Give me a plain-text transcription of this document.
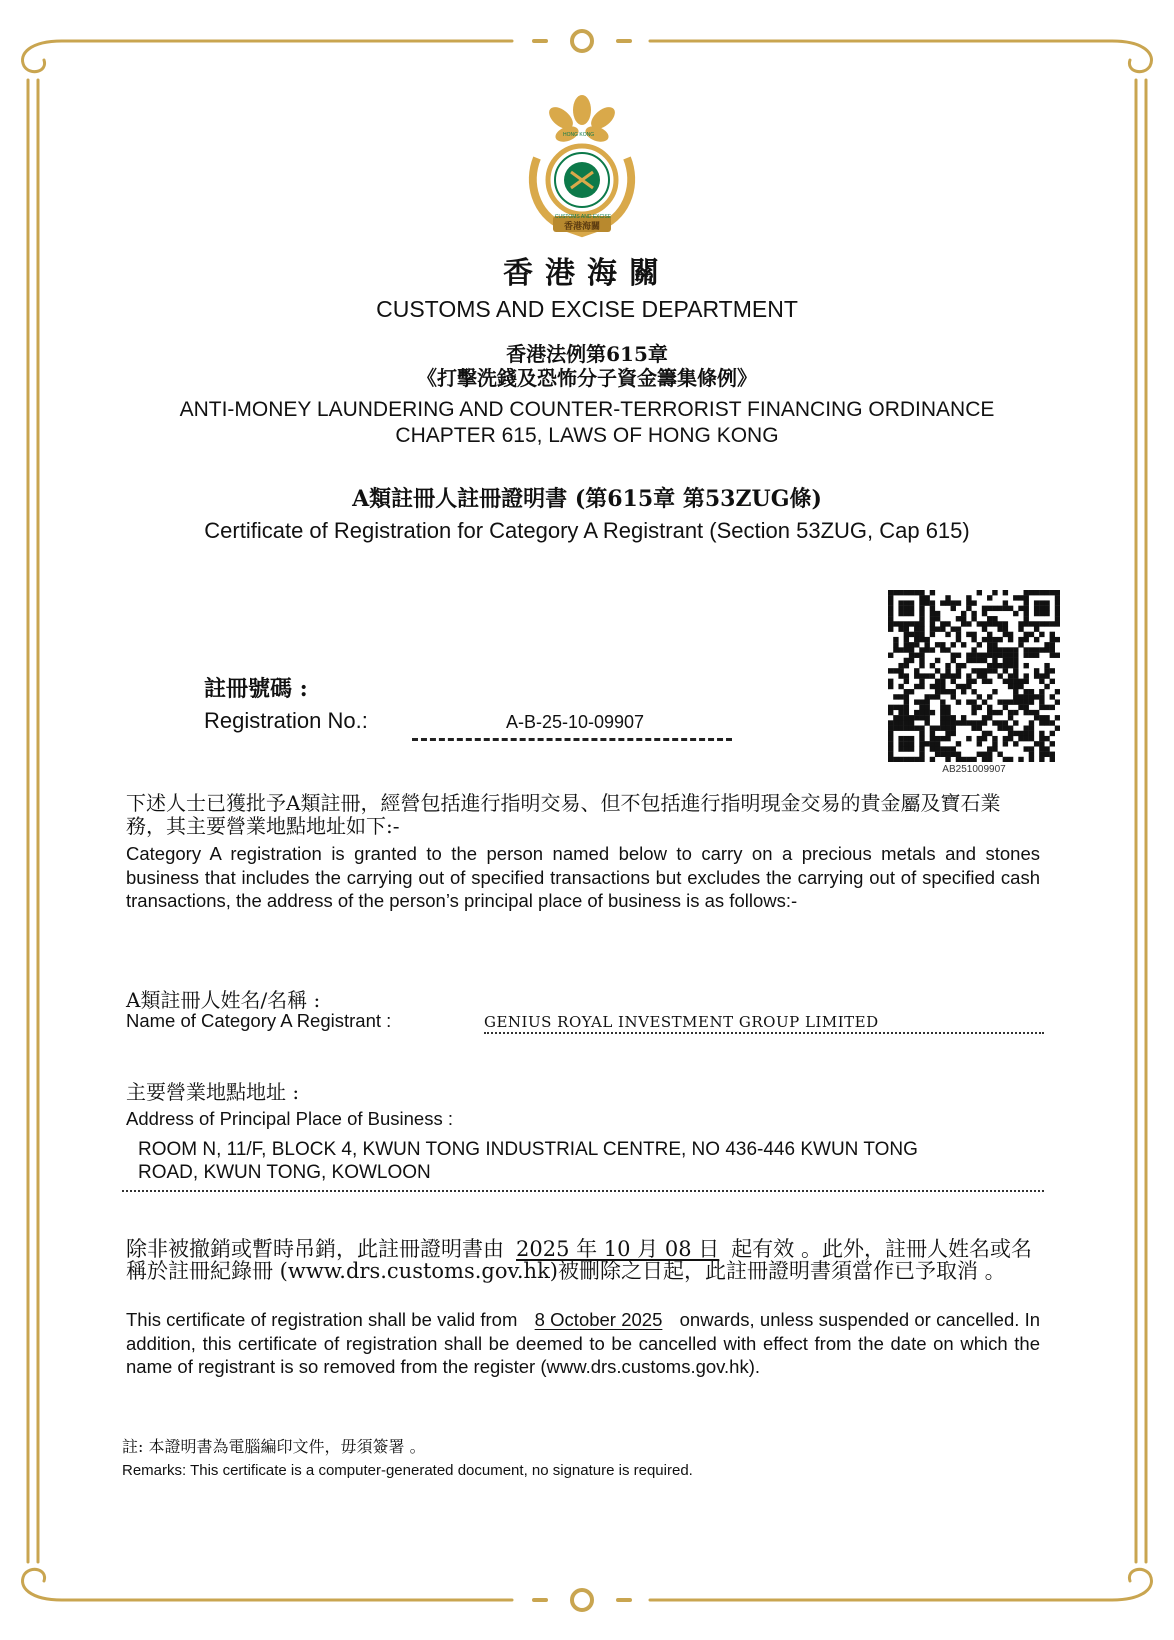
HONG KONG
CUSTOMS AND EXCISE
香港海關
香港海關
CUSTOMS AND EXCISE DEPARTMENT
香港法例第615章
《打擊洗錢及恐怖分子資金籌集條例》
ANTI-MONEY LAUNDERING AND COUNTER-TERRORIST FINANCING ORDINANCE
CHAPTER 615, LAWS OF HONG KONG
A類註冊人註冊證明書 (第615章 第53ZUG條)
Certificate of Registration for Category A Registrant (Section 53ZUG, Cap 615)
AB251009907
註冊號碼 :
Registration No.:	A-B-25-10-09907
下述人士已獲批予A類註冊，經營包括進行指明交易、但不包括進行指明現金交易的貴金屬及寶石業務，其主要營業地點地址如下:-
Category A registration is granted to the person named below to carry on a precious metals and stones business that includes the carrying out of specified transactions but excludes the carrying out of specified cash transactions, the address of the person’s principal place of business is as follows:-
A類註冊人姓名/名稱 :
Name of Category A Registrant :	GENIUS ROYAL INVESTMENT GROUP LIMITED
主要營業地點地址 :
Address of Principal Place of Business :
ROOM N, 11/F, BLOCK 4, KWUN TONG INDUSTRIAL CENTRE, NO 436-446 KWUN TONG
ROAD, KWUN TONG, KOWLOON
除非被撤銷或暫時吊銷，此註冊證明書由 2025 年 10 月 08 日 起有效 。此外，註冊人姓名或名稱於註冊紀錄冊 (www.drs.customs.gov.hk)被刪除之日起，此註冊證明書須當作已予取消 。
This certificate of registration shall be valid from 8 October 2025 onwards, unless suspended or cancelled. In addition, this certificate of registration shall be deemed to be cancelled with effect from the date on which the name of registrant is so removed from the register (www.drs.customs.gov.hk).
註: 本證明書為電腦編印文件，毋須簽署 。
Remarks: This certificate is a computer-generated document, no signature is required.
